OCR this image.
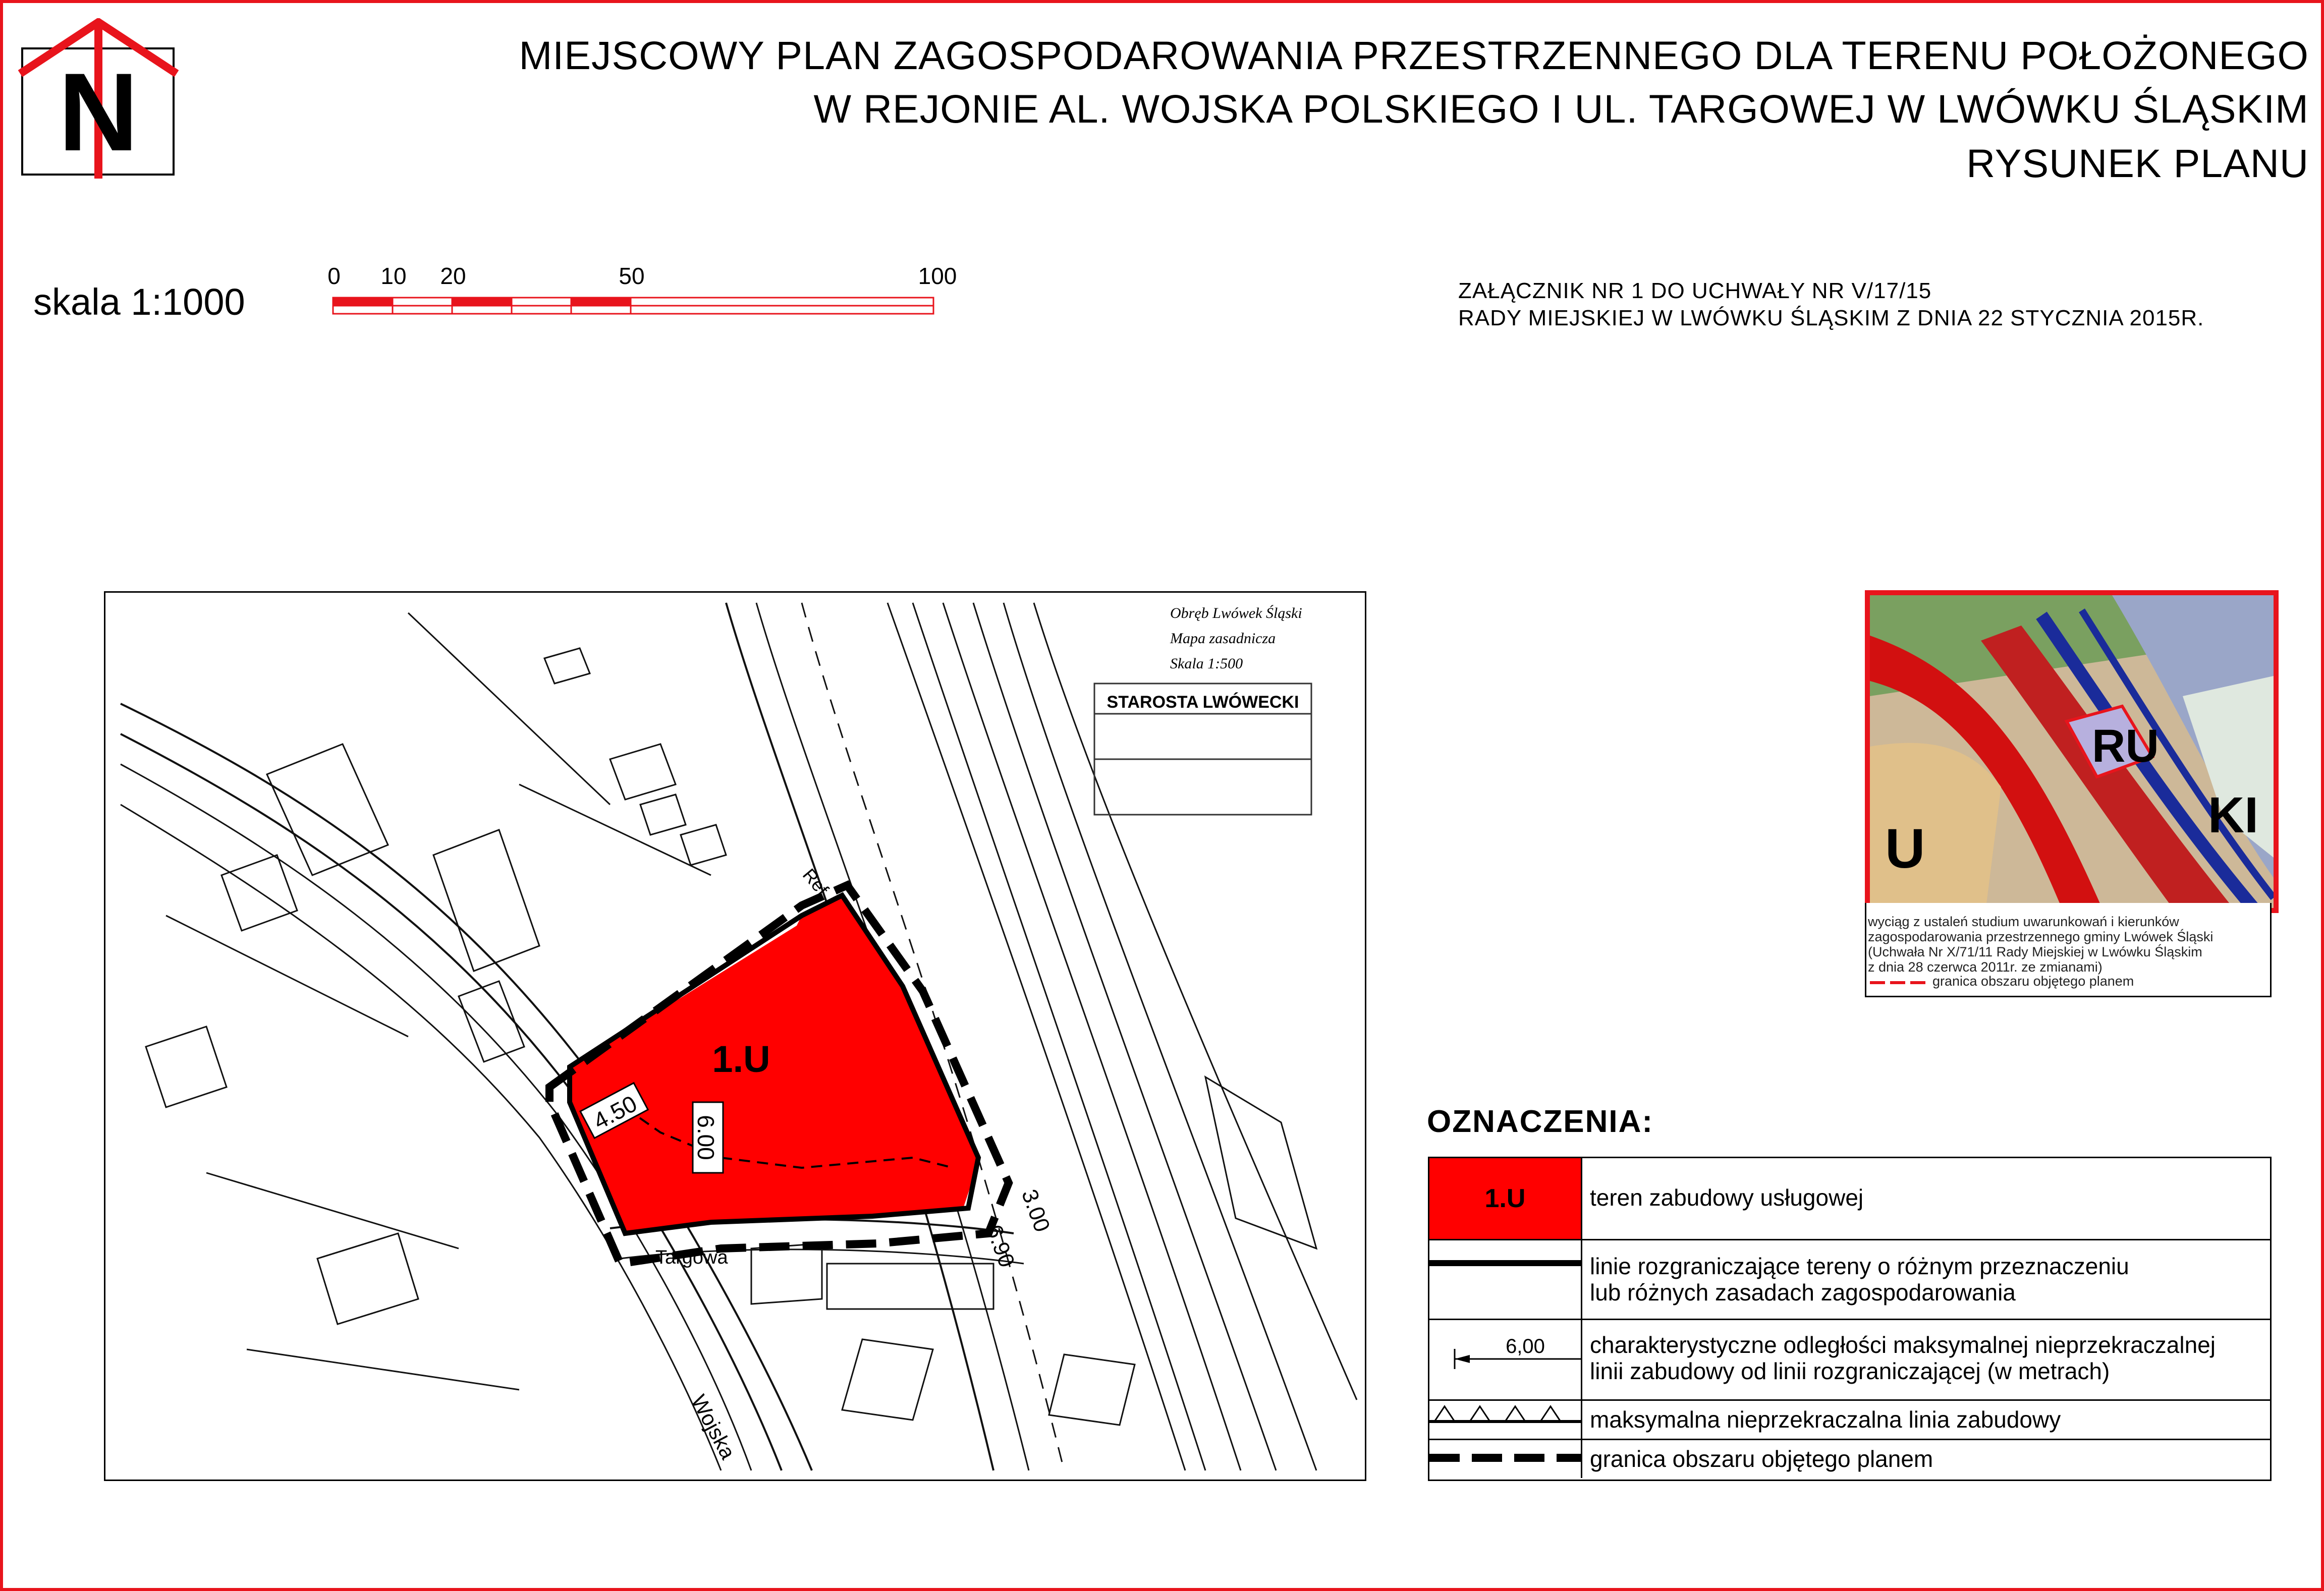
N	MIEJSCOWY PLAN ZAGOSPODAROWANIA PRZESTRZENNEGO DLA TERENU POŁOŻONEGO
W REJONIE AL. WOJSKA POLSKIEGO I UL. TARGOWEJ W LWÓWKU ŚLĄSKIM
RYSUNEK PLANU
skala 1:1000
0 10 20	50	100
ZAŁĄCZNIK NR 1 DO UCHWAŁY NR V/17/15
RADY MIEJSKIEJ W LWÓWKU ŚLĄSKIM Z DNIA 22 STYCZNIA 2015R.
STAROSTA LWÓWECKI
Obręb Lwówek Śląski
Mapa zasadnicza
Skala 1:500
1.U
4.50
6.00
3.00
6.90
Targowa
Wojska
Ref
RU
U
KI
wyciąg z ustaleń studium uwarunkowań i kierunków
zagospodarowania przestrzennego gminy Lwówek Śląski
(Uchwała Nr X/71/11 Rady Miejskiej w Lwówku Śląskim
z dnia 28 czerwca 2011r. ze zmianami)
granica obszaru objętego planem
OZNACZENIA:
1.U	teren zabudowy usługowej
linie rozgraniczające tereny o różnym przeznaczeniu
lub różnych zasadach zagospodarowania
6,00 charakterystyczne odległości maksymalnej nieprzekraczalnej
linii zabudowy od linii rozgraniczającej (w metrach)
maksymalna nieprzekraczalna linia zabudowy
granica obszaru objętego planem
